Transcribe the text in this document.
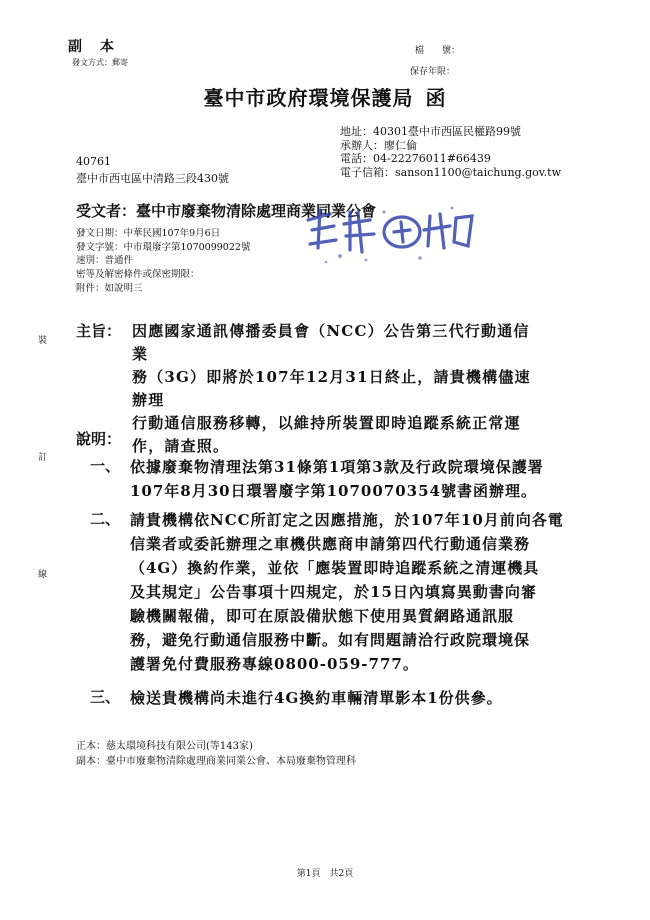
副　本
發文方式：郵寄
檔　　號：
保存年限：
臺中市政府環境保護局 函
地址：40301臺中市西區民權路99號
承辦人：廖仁倫
電話：04-22276011#66439
電子信箱：sanson1100@taichung.gov.tw
40761
臺中市西屯區中清路三段430號
受文者：臺中市廢棄物清除處理商業同業公會
發文日期：中華民國107年9月6日
發文字號：中市環廢字第1070099022號
速別：普通件
密等及解密條件或保密期限：
附件：如說明三
蓋印
裝
訂
線
主旨： 因應國家通訊傳播委員會（NCC）公告第三代行動通信業
務（3G）即將於107年12月31日終止，請貴機構儘速辦理
行動通信服務移轉，以維持所裝置即時追蹤系統正常運
作，請查照。
說明：
一、 依據廢棄物清理法第31條第1項第3款及行政院環境保護署
107年8月30日環署廢字第1070070354號書函辦理。
二、 請貴機構依NCC所訂定之因應措施，於107年10月前向各電
信業者或委託辦理之車機供應商申請第四代行動通信業務
（4G）換約作業，並依「應裝置即時追蹤系統之清運機具
及其規定」公告事項十四規定，於15日內填寫異動書向審
驗機關報備，即可在原設備狀態下使用異質網路通訊服
務，避免行動通信服務中斷。如有問題請洽行政院環境保
護署免付費服務專線0800-059-777。
三、 檢送貴機構尚未進行4G換約車輛清單影本1份供參。
正本：慈太環境科技有限公司(等143家)
副本：臺中市廢棄物清除處理商業同業公會、本局廢棄物管理科
第1頁　共2頁
